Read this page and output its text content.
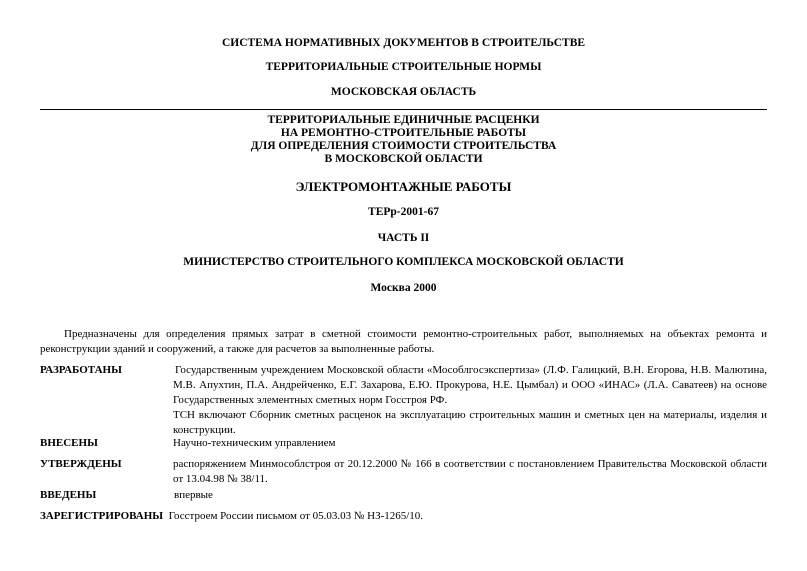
СИСТЕМА НОРМАТИВНЫХ ДОКУМЕНТОВ В СТРОИТЕЛЬСТВЕ
ТЕРРИТОРИАЛЬНЫЕ СТРОИТЕЛЬНЫЕ НОРМЫ
МОСКОВСКАЯ ОБЛАСТЬ
ТЕРРИТОРИАЛЬНЫЕ ЕДИНИЧНЫЕ РАСЦЕНКИ
НА РЕМОНТНО-СТРОИТЕЛЬНЫЕ РАБОТЫ
ДЛЯ ОПРЕДЕЛЕНИЯ СТОИМОСТИ СТРОИТЕЛЬСТВА
В МОСКОВСКОЙ ОБЛАСТИ
ЭЛЕКТРОМОНТАЖНЫЕ РАБОТЫ
ТЕРр-2001-67
ЧАСТЬ II
МИНИСТЕРСТВО СТРОИТЕЛЬНОГО КОМПЛЕКСА МОСКОВСКОЙ ОБЛАСТИ
Москва 2000
Предназначены для определения прямых затрат в сметной стоимости ремонтно-строительных работ, выполняемых на объектах ремонта и реконструкции зданий и сооружений, а также для расчетов за выполненные работы.
РАЗРАБОТАНЫ	Государственным учреждением Московской области «Мособлгосэкспертиза» (Л.Ф. Галицкий, В.Н. Егорова, Н.В. Малютина, М.В. Апухтин, П.А. Андрейченко, Е.Г. Захарова, Е.Ю. Прокурова, Н.Е. Цымбал) и ООО «ИНАС» (Л.А. Саватеев) на основе Государственных элементных сметных норм Госстроя РФ.

ТСН включают Сборник сметных расценок на эксплуатацию строительных машин и сметных цен на материалы, изделия и конструкции.

ВНЕСЕНЫ	Научно-техническим управлением
УТВЕРЖДЕНЫ	распоряжением Минмособлстроя от 20.12.2000 № 166 в соответствии с постановлением Правительства Московской области от 13.04.98 № 38/11.
ВВЕДЕНЫ	впервые
ЗАРЕГИСТРИРОВАНЫ Госстроем России письмом от 05.03.03 № НЗ-1265/10.
